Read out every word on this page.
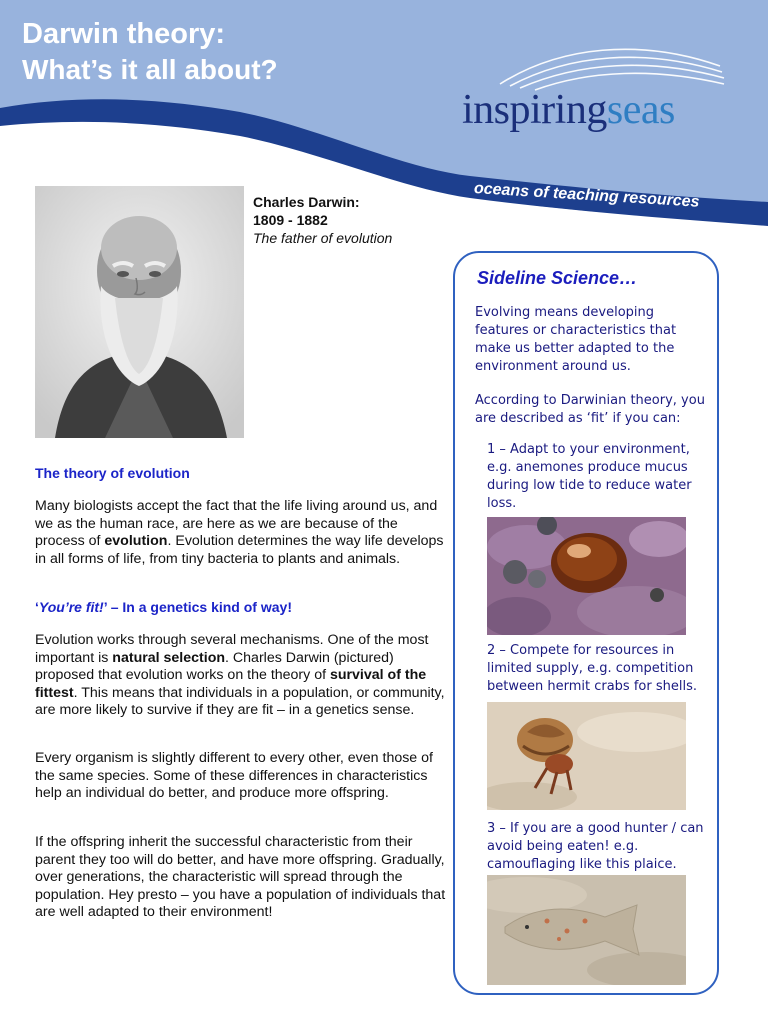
Darwin theory:
What’s it all about?
inspiringseas
oceans of teaching resources
Charles Darwin:
1809 - 1882
The father of evolution
The theory of evolution

Many biologists accept the fact that the life living around us, and we as the human race, are here as we are because of the process of evolution. Evolution determines the way life develops in all forms of life, from tiny bacteria to plants and animals.

‘You’re fit!’ – In a genetics kind of way!

Evolution works through several mechanisms. One of the most important is natural selection. Charles Darwin (pictured) proposed that evolution works on the theory of survival of the fittest. This means that individuals in a population, or community, are more likely to survive if they are fit – in a genetics sense.

Every organism is slightly different to every other, even those of the same species. Some of these differences in characteristics help an individual do better, and produce more offspring.

If the offspring inherit the successful characteristic from their parent they too will do better, and have more offspring. Gradually, over generations, the characteristic will spread through the population. Hey presto – you have a population of individuals that are well adapted to their environment!

Sideline Science…

Evolving means developing features or characteristics that make us better adapted to the environment around us.

According to Darwinian theory, you are described as ‘fit’ if you can:

1 – Adapt to your environment, e.g. anemones produce mucus during low tide to reduce water loss.

2 – Compete for resources in limited supply, e.g. competition between hermit crabs for shells.

3 – If you are a good hunter / can avoid being eaten! e.g. camouflaging like this plaice.
